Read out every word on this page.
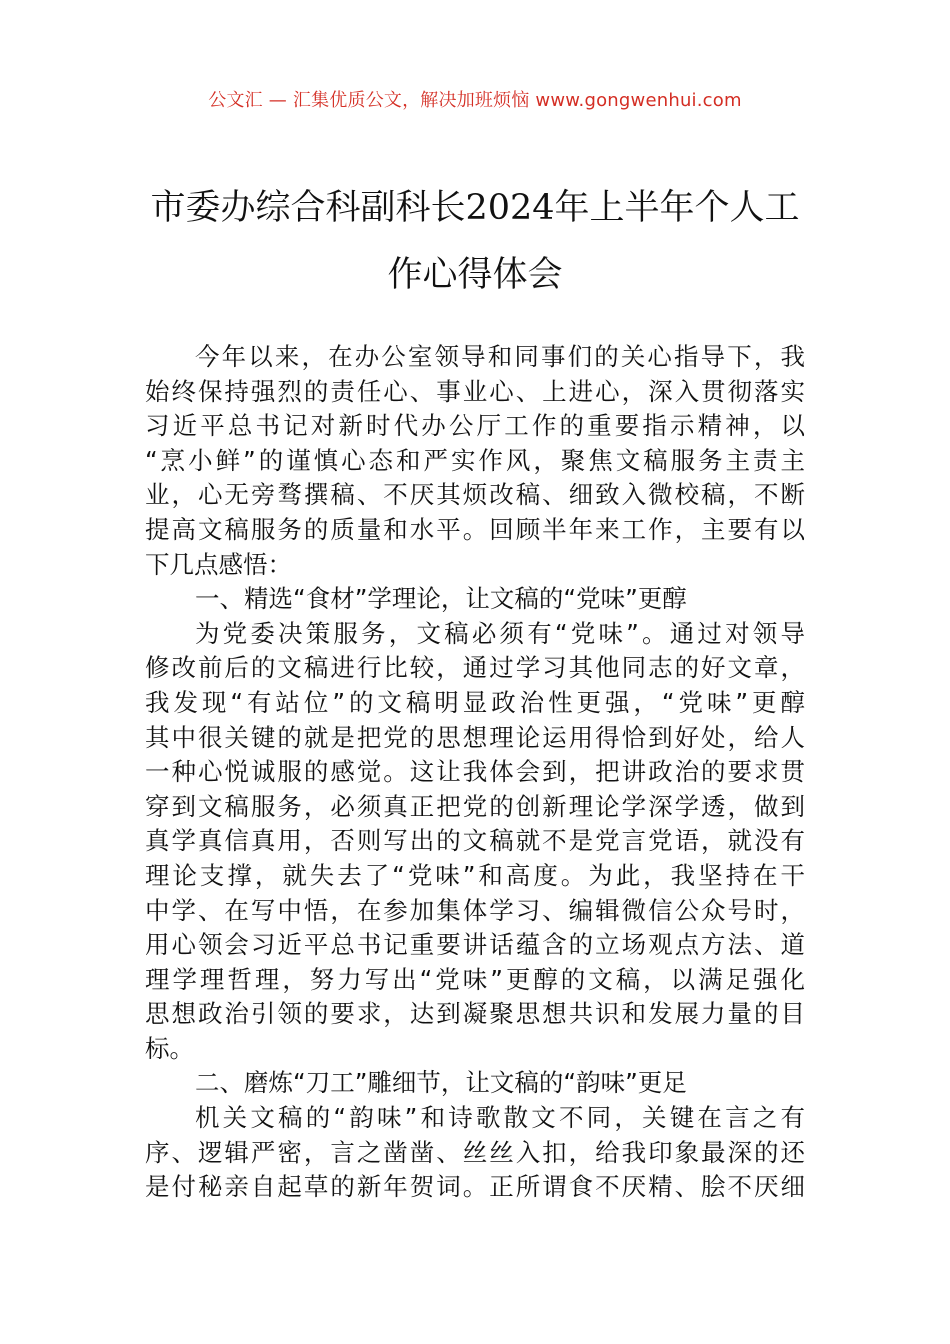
公文汇 — 汇集优质公文，解决加班烦恼 www.gongwenhui.com
市委办综合科副科长2024年上半年个人工
作心得体会
今年以来，在办公室领导和同事们的关心指导下，我
始终保持强烈的责任心、事业心、上进心，深入贯彻落实
习近平总书记对新时代办公厅工作的重要指示精神，以
“烹小鲜”的谨慎心态和严实作风，聚焦文稿服务主责主
业，心无旁骛撰稿、不厌其烦改稿、细致入微校稿，不断
提高文稿服务的质量和水平。回顾半年来工作，主要有以
下几点感悟：
一、精选“食材”学理论，让文稿的“党味”更醇
为党委决策服务，文稿必须有“党味”。通过对领导
修改前后的文稿进行比较，通过学习其他同志的好文章，
我发现“有站位”的文稿明显政治性更强，“党味”更醇
其中很关键的就是把党的思想理论运用得恰到好处，给人
一种心悦诚服的感觉。这让我体会到，把讲政治的要求贯
穿到文稿服务，必须真正把党的创新理论学深学透，做到
真学真信真用，否则写出的文稿就不是党言党语，就没有
理论支撑，就失去了“党味”和高度。为此，我坚持在干
中学、在写中悟，在参加集体学习、编辑微信公众号时，
用心领会习近平总书记重要讲话蕴含的立场观点方法、道
理学理哲理，努力写出“党味”更醇的文稿，以满足强化
思想政治引领的要求，达到凝聚思想共识和发展力量的目
标。
二、磨炼“刀工”雕细节，让文稿的“韵味”更足
机关文稿的“韵味”和诗歌散文不同，关键在言之有
序、逻辑严密，言之凿凿、丝丝入扣，给我印象最深的还
是付秘亲自起草的新年贺词。正所谓食不厌精、脍不厌细
